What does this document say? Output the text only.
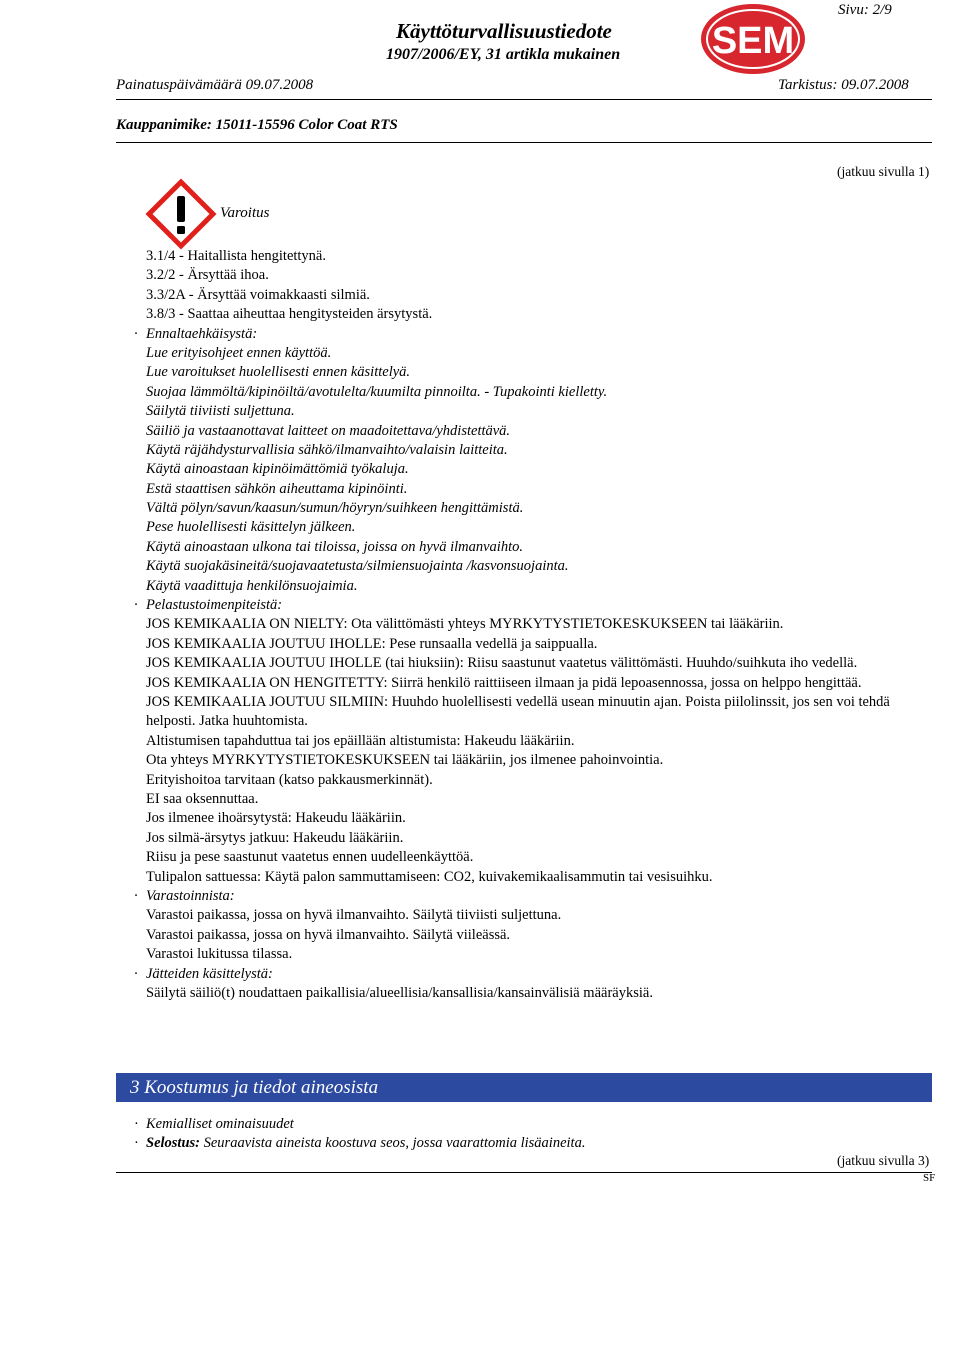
Sivu: 2/9
Käyttöturvallisuustiedote
1907/2006/EY, 31 artikla mukainen SEM
Painatuspäivämäärä 09.07.2008	Tarkistus: 09.07.2008
Kauppanimike: 15011-15596 Color Coat RTS
(jatkuu sivulla 1)
Varoitus
3.1/4 - Haitallista hengitettynä.
3.2/2 - Ärsyttää ihoa.
3.3/2A - Ärsyttää voimakkaasti silmiä.
3.8/3 - Saattaa aiheuttaa hengitysteiden ärsytystä.
· Ennaltaehkäisystä:
Lue erityisohjeet ennen käyttöä.
Lue varoitukset huolellisesti ennen käsittelyä.
Suojaa lämmöltä/kipinöiltä/avotulelta/kuumilta pinnoilta. - Tupakointi kielletty.
Säilytä tiiviisti suljettuna.
Säiliö ja vastaanottavat laitteet on maadoitettava/yhdistettävä.
Käytä räjähdysturvallisia sähkö/ilmanvaihto/valaisin laitteita.
Käytä ainoastaan kipinöimättömiä työkaluja.
Estä staattisen sähkön aiheuttama kipinöinti.
Vältä pölyn/savun/kaasun/sumun/höyryn/suihkeen hengittämistä.
Pese huolellisesti käsittelyn jälkeen.
Käytä ainoastaan ulkona tai tiloissa, joissa on hyvä ilmanvaihto.
Käytä suojakäsineitä/suojavaatetusta/silmiensuojainta /kasvonsuojainta.
Käytä vaadittuja henkilönsuojaimia.
· Pelastustoimenpiteistä:
JOS KEMIKAALIA ON NIELTY: Ota välittömästi yhteys MYRKYTYSTIETOKESKUKSEEN tai lääkäriin.
JOS KEMIKAALIA JOUTUU IHOLLE: Pese runsaalla vedellä ja saippualla.
JOS KEMIKAALIA JOUTUU IHOLLE (tai hiuksiin): Riisu saastunut vaatetus välittömästi. Huuhdo/suihkuta iho vedellä.
JOS KEMIKAALIA ON HENGITETTY: Siirrä henkilö raittiiseen ilmaan ja pidä lepoasennossa, jossa on helppo hengittää.
JOS KEMIKAALIA JOUTUU SILMIIN: Huuhdo huolellisesti vedellä usean minuutin ajan. Poista piilolinssit, jos sen voi tehdä helposti. Jatka huuhtomista.
Altistumisen tapahduttua tai jos epäillään altistumista: Hakeudu lääkäriin.
Ota yhteys MYRKYTYSTIETOKESKUKSEEN tai lääkäriin, jos ilmenee pahoinvointia.
Erityishoitoa tarvitaan (katso pakkausmerkinnät).
EI saa oksennuttaa.
Jos ilmenee ihoärsytystä: Hakeudu lääkäriin.
Jos silmä-ärsytys jatkuu: Hakeudu lääkäriin.
Riisu ja pese saastunut vaatetus ennen uudelleenkäyttöä.
Tulipalon sattuessa: Käytä palon sammuttamiseen: CO2, kuivakemikaalisammutin tai vesisuihku.
· Varastoinnista:
Varastoi paikassa, jossa on hyvä ilmanvaihto. Säilytä tiiviisti suljettuna.
Varastoi paikassa, jossa on hyvä ilmanvaihto. Säilytä viileässä.
Varastoi lukitussa tilassa.
· Jätteiden käsittelystä:
Säilytä säiliö(t) noudattaen paikallisia/alueellisia/kansallisia/kansainvälisiä määräyksiä.
3 Koostumus ja tiedot aineosista
· Kemialliset ominaisuudet
· Selostus: Seuraavista aineista koostuva seos, jossa vaarattomia lisäaineita.
(jatkuu sivulla 3)
SF
